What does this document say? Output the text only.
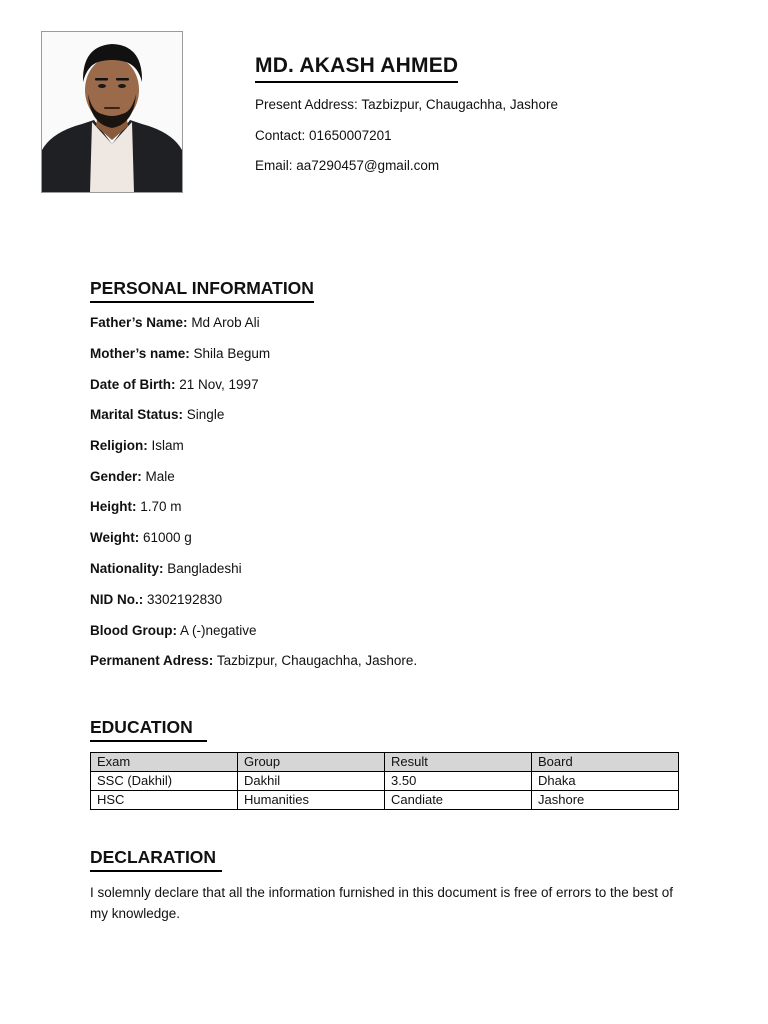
MD. AKASH AHMED
Present Address: Tazbizpur, Chaugachha, Jashore
Contact: 01650007201
Email: aa7290457@gmail.com
PERSONAL INFORMATION
Father’s Name: Md Arob Ali
Mother’s name: Shila Begum
Date of Birth: 21 Nov, 1997
Marital Status: Single
Religion: Islam
Gender: Male
Height: 1.70 m
Weight: 61000 g
Nationality: Bangladeshi
NID No.: 3302192830
Blood Group: A (-)negative
Permanent Adress: Tazbizpur, Chaugachha, Jashore.
EDUCATION
Exam	Group	Result	Board
SSC (Dakhil)	Dakhil	3.50	Dhaka
HSC	Humanities	Candiate	Jashore
DECLARATION
I solemnly declare that all the information furnished in this document is free of errors to the best of my knowledge.
